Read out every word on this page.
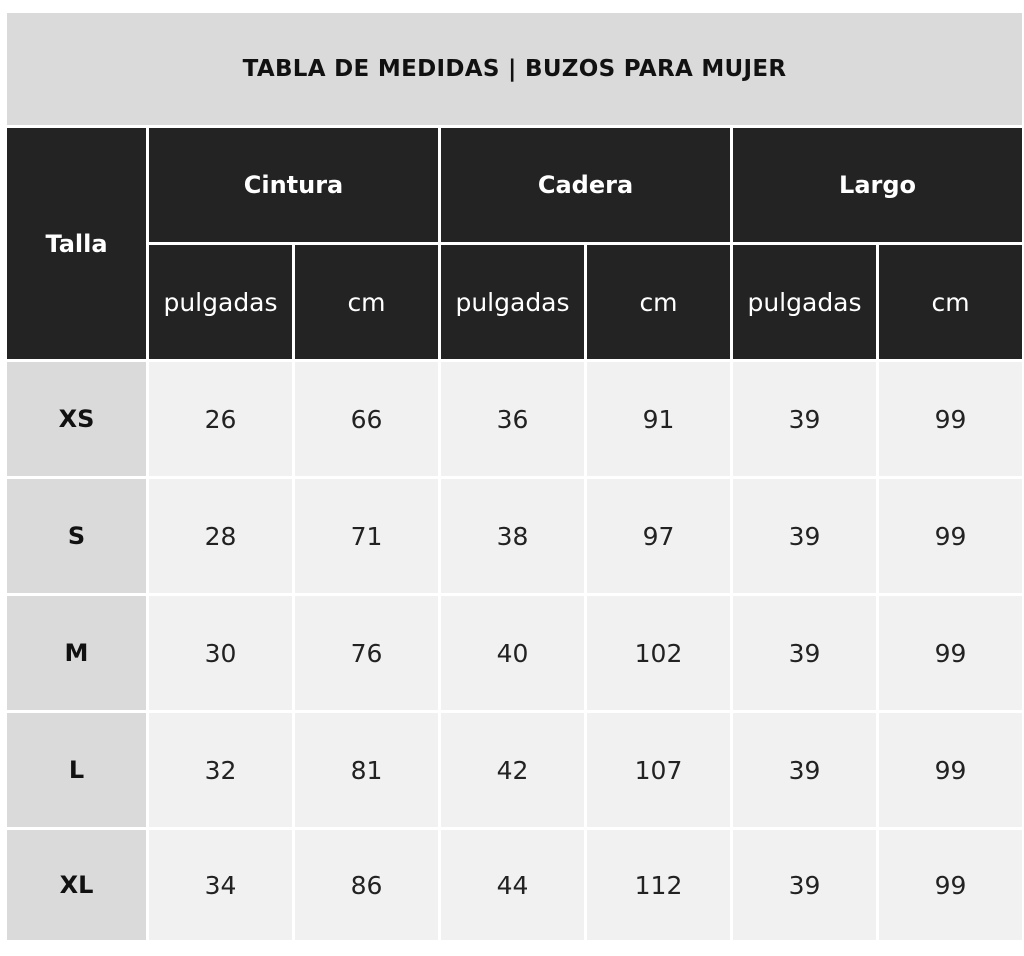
TABLA DE MEDIDAS | BUZOS PARA MUJER						
Talla	Cintura		Cadera		Largo	
	pulgadas	cm	pulgadas	cm	pulgadas	cm
XS	26	66	36	91	39	99
S	28	71	38	97	39	99
M	30	76	40	102	39	99
L	32	81	42	107	39	99
XL	34	86	44	112	39	99
